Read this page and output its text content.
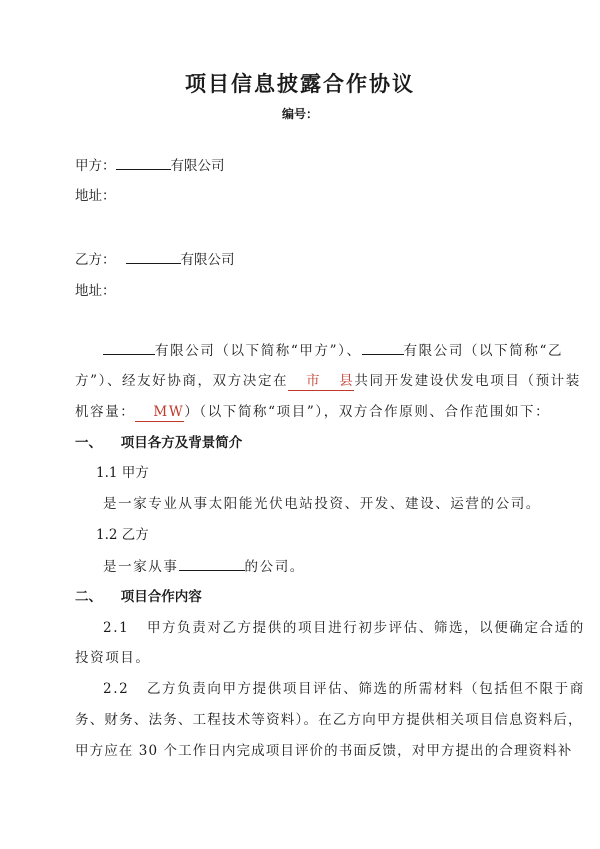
项目信息披露合作协议
编号：
甲方：	有限公司
地址：
乙方：	有限公司
地址：
有限公司（以下简称“甲方”）、	有限公司（以下简称“乙
方”）、经友好协商，双方决定在 市 县共同开发建设伏发电项目（预计装
机容量： MW）（以下简称“项目”），双方合作原则、合作范围如下：
一、    项目各方及背景简介
1.1 甲方
是一家专业从事太阳能光伏电站投资、开发、建设、运营的公司。
1.2 乙方
是一家从事	的公司。
二、    项目合作内容
2.1   甲方负责对乙方提供的项目进行初步评估、筛选，以便确定合适的
投资项目。
2.2   乙方负责向甲方提供项目评估、筛选的所需材料（包括但不限于商
务、财务、法务、工程技术等资料）。在乙方向甲方提供相关项目信息资料后，
甲方应在 30 个工作日内完成项目评价的书面反馈，对甲方提出的合理资料补
